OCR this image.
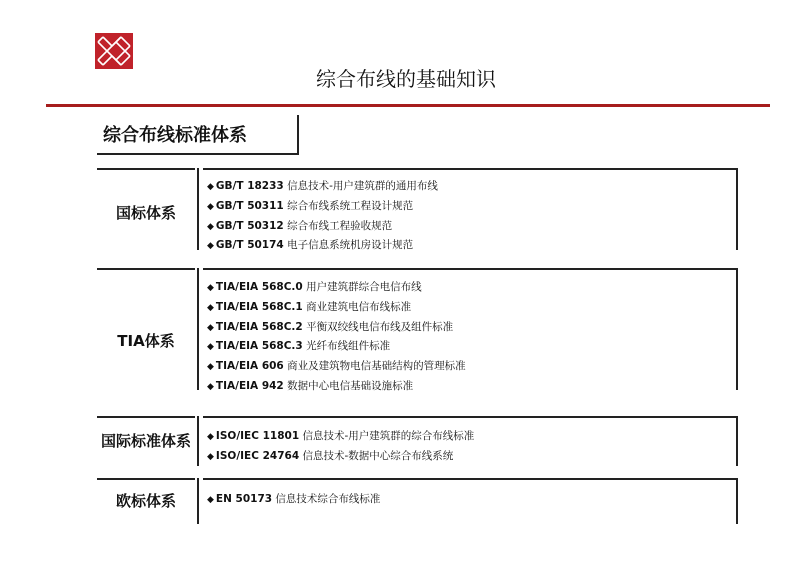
综合布线的基础知识
综合布线标准体系
国标体系
◆ GB/T 18233 信息技术-用户建筑群的通用布线
◆ GB/T 50311 综合布线系统工程设计规范
◆ GB/T 50312 综合布线工程验收规范
◆ GB/T 50174 电子信息系统机房设计规范
TIA体系
◆ TIA/EIA 568C.0 用户建筑群综合电信布线
◆ TIA/EIA 568C.1 商业建筑电信布线标准
◆ TIA/EIA 568C.2 平衡双绞线电信布线及组件标准
◆ TIA/EIA 568C.3 光纤布线组件标准
◆ TIA/EIA 606 商业及建筑物电信基础结构的管理标准
◆ TIA/EIA 942 数据中心电信基础设施标准
国际标准体系	◆ ISO/IEC 11801 信息技术-用户建筑群的综合布线标准
◆ ISO/IEC 24764 信息技术-数据中心综合布线系统
欧标体系	◆ EN 50173 信息技术综合布线标准
